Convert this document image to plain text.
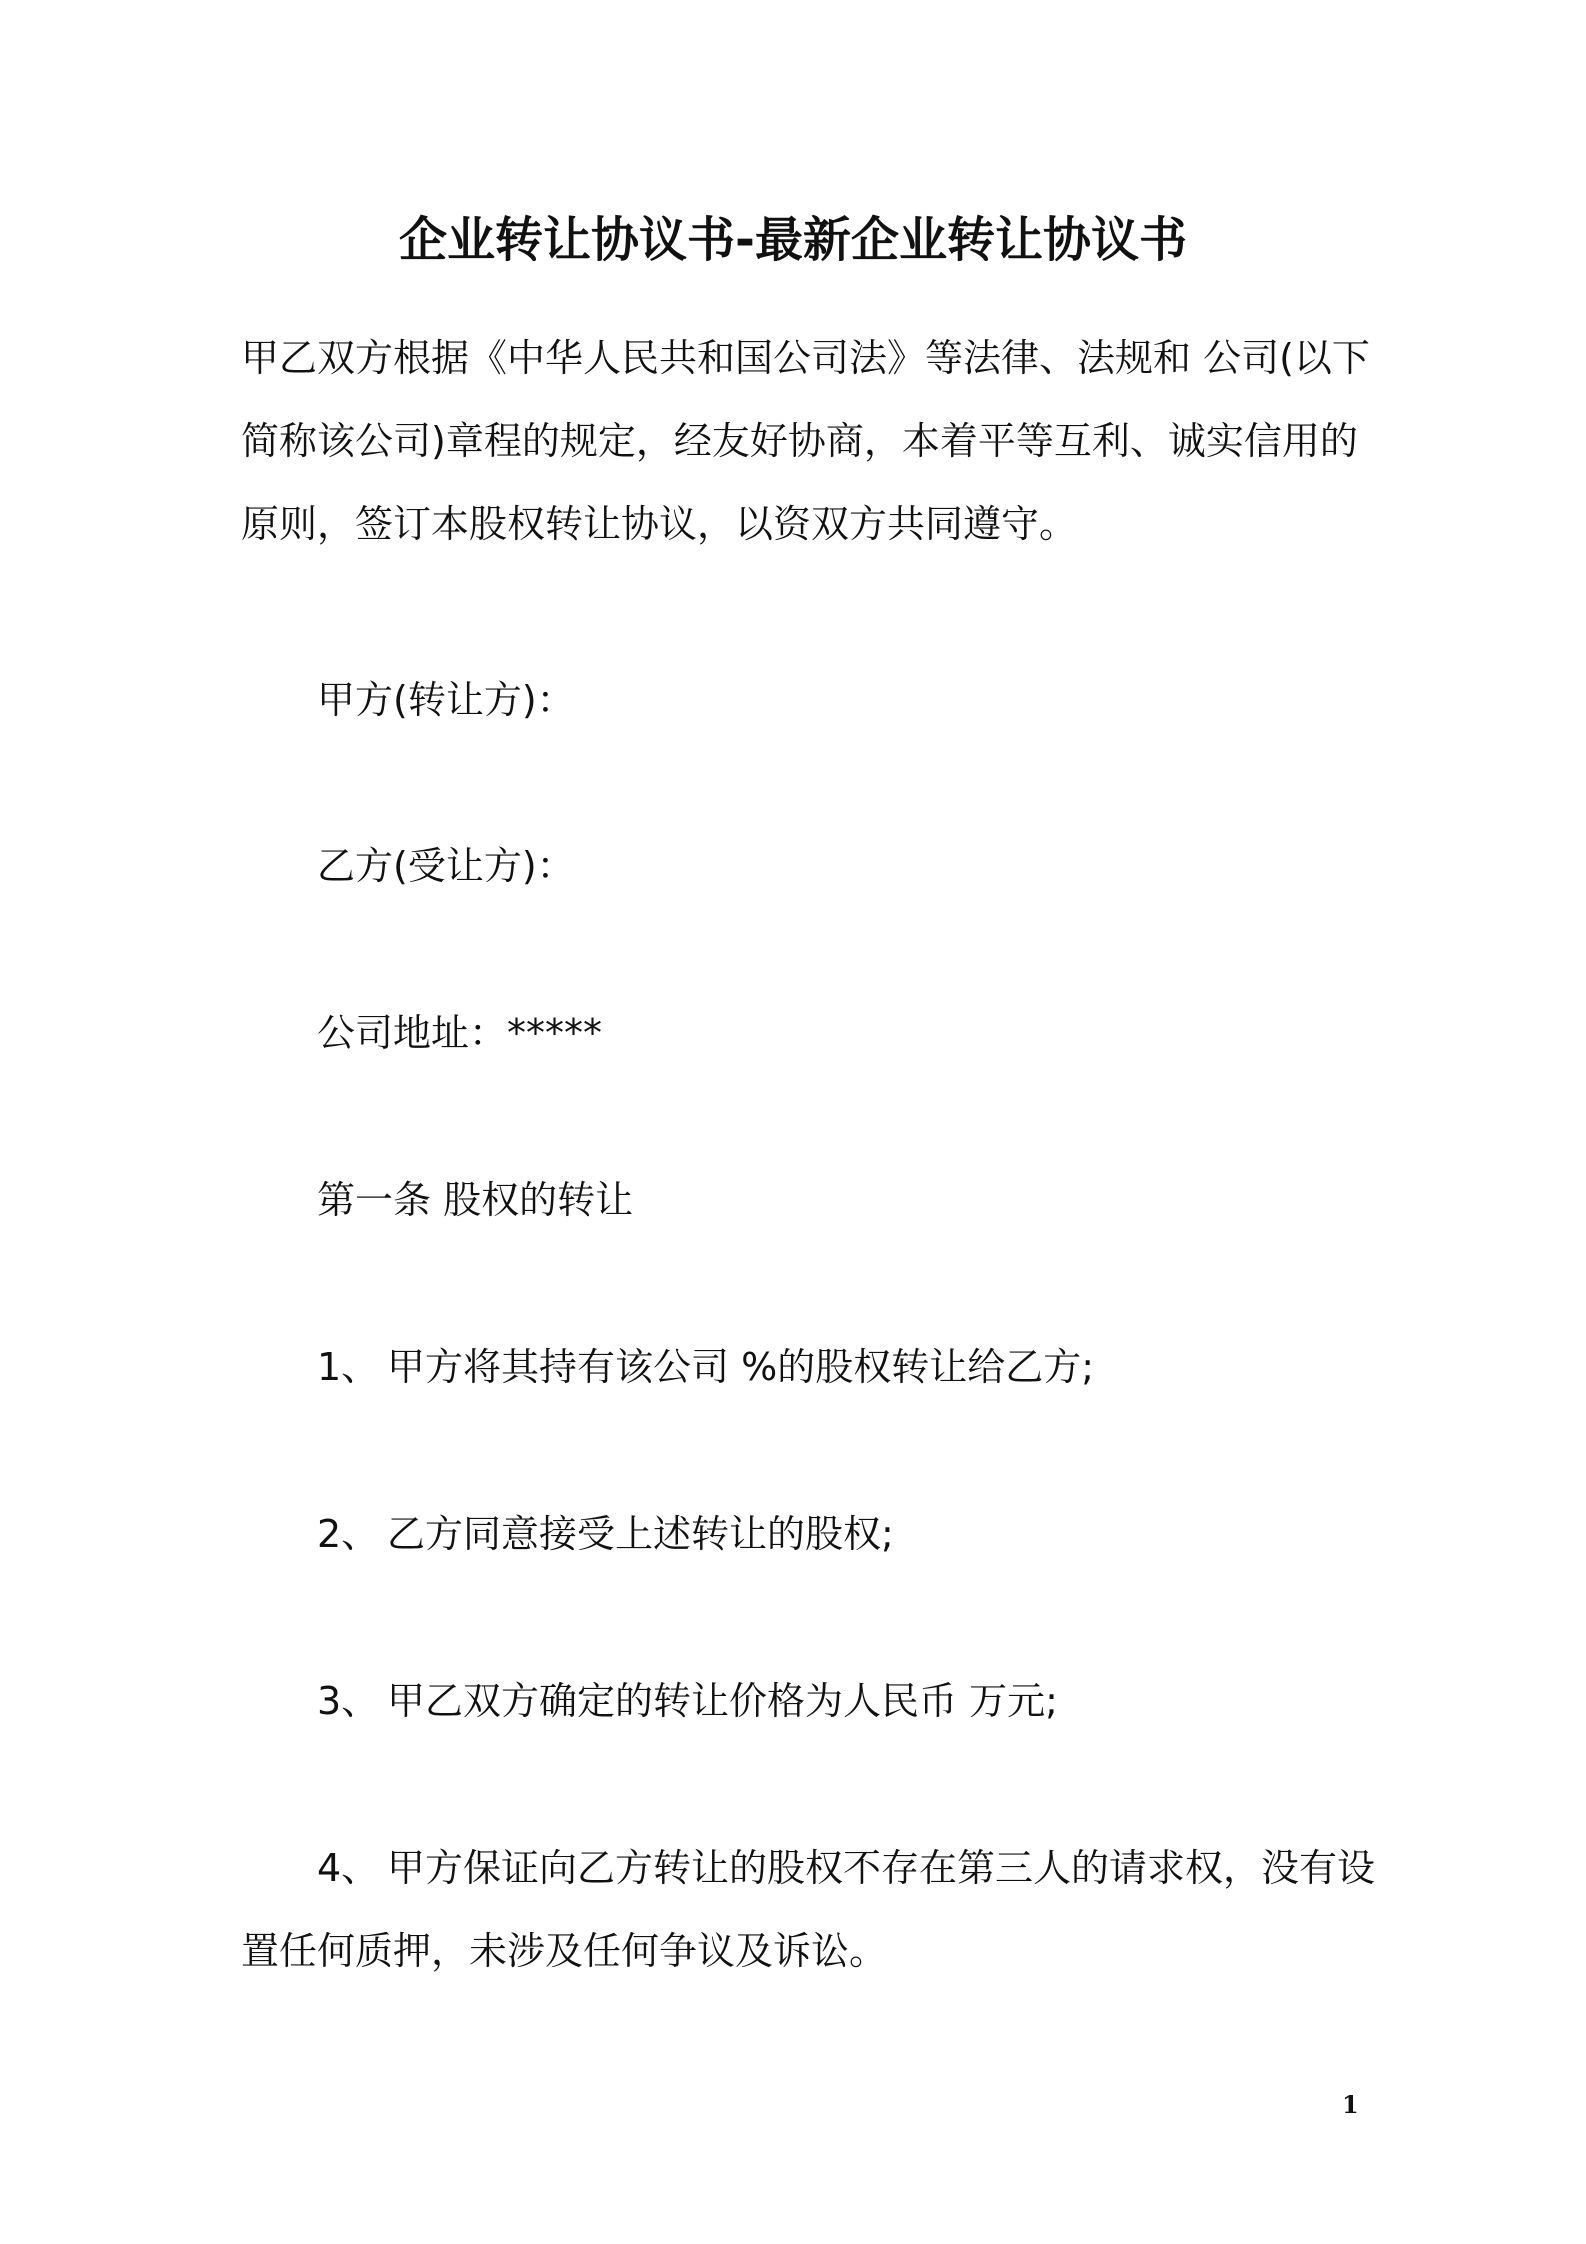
企业转让协议书-最新企业转让协议书
甲乙双方根据《中华人民共和国公司法》等法律、法规和 公司(以下
简称该公司)章程的规定，经友好协商，本着平等互利、诚实信用的
原则，签订本股权转让协议，以资双方共同遵守。
甲方(转让方)：
乙方(受让方)：
公司地址：*****
第一条 股权的转让
1、 甲方将其持有该公司 %的股权转让给乙方;
2、 乙方同意接受上述转让的股权;
3、 甲乙双方确定的转让价格为人民币 万元;
4、 甲方保证向乙方转让的股权不存在第三人的请求权，没有设
置任何质押，未涉及任何争议及诉讼。
1
